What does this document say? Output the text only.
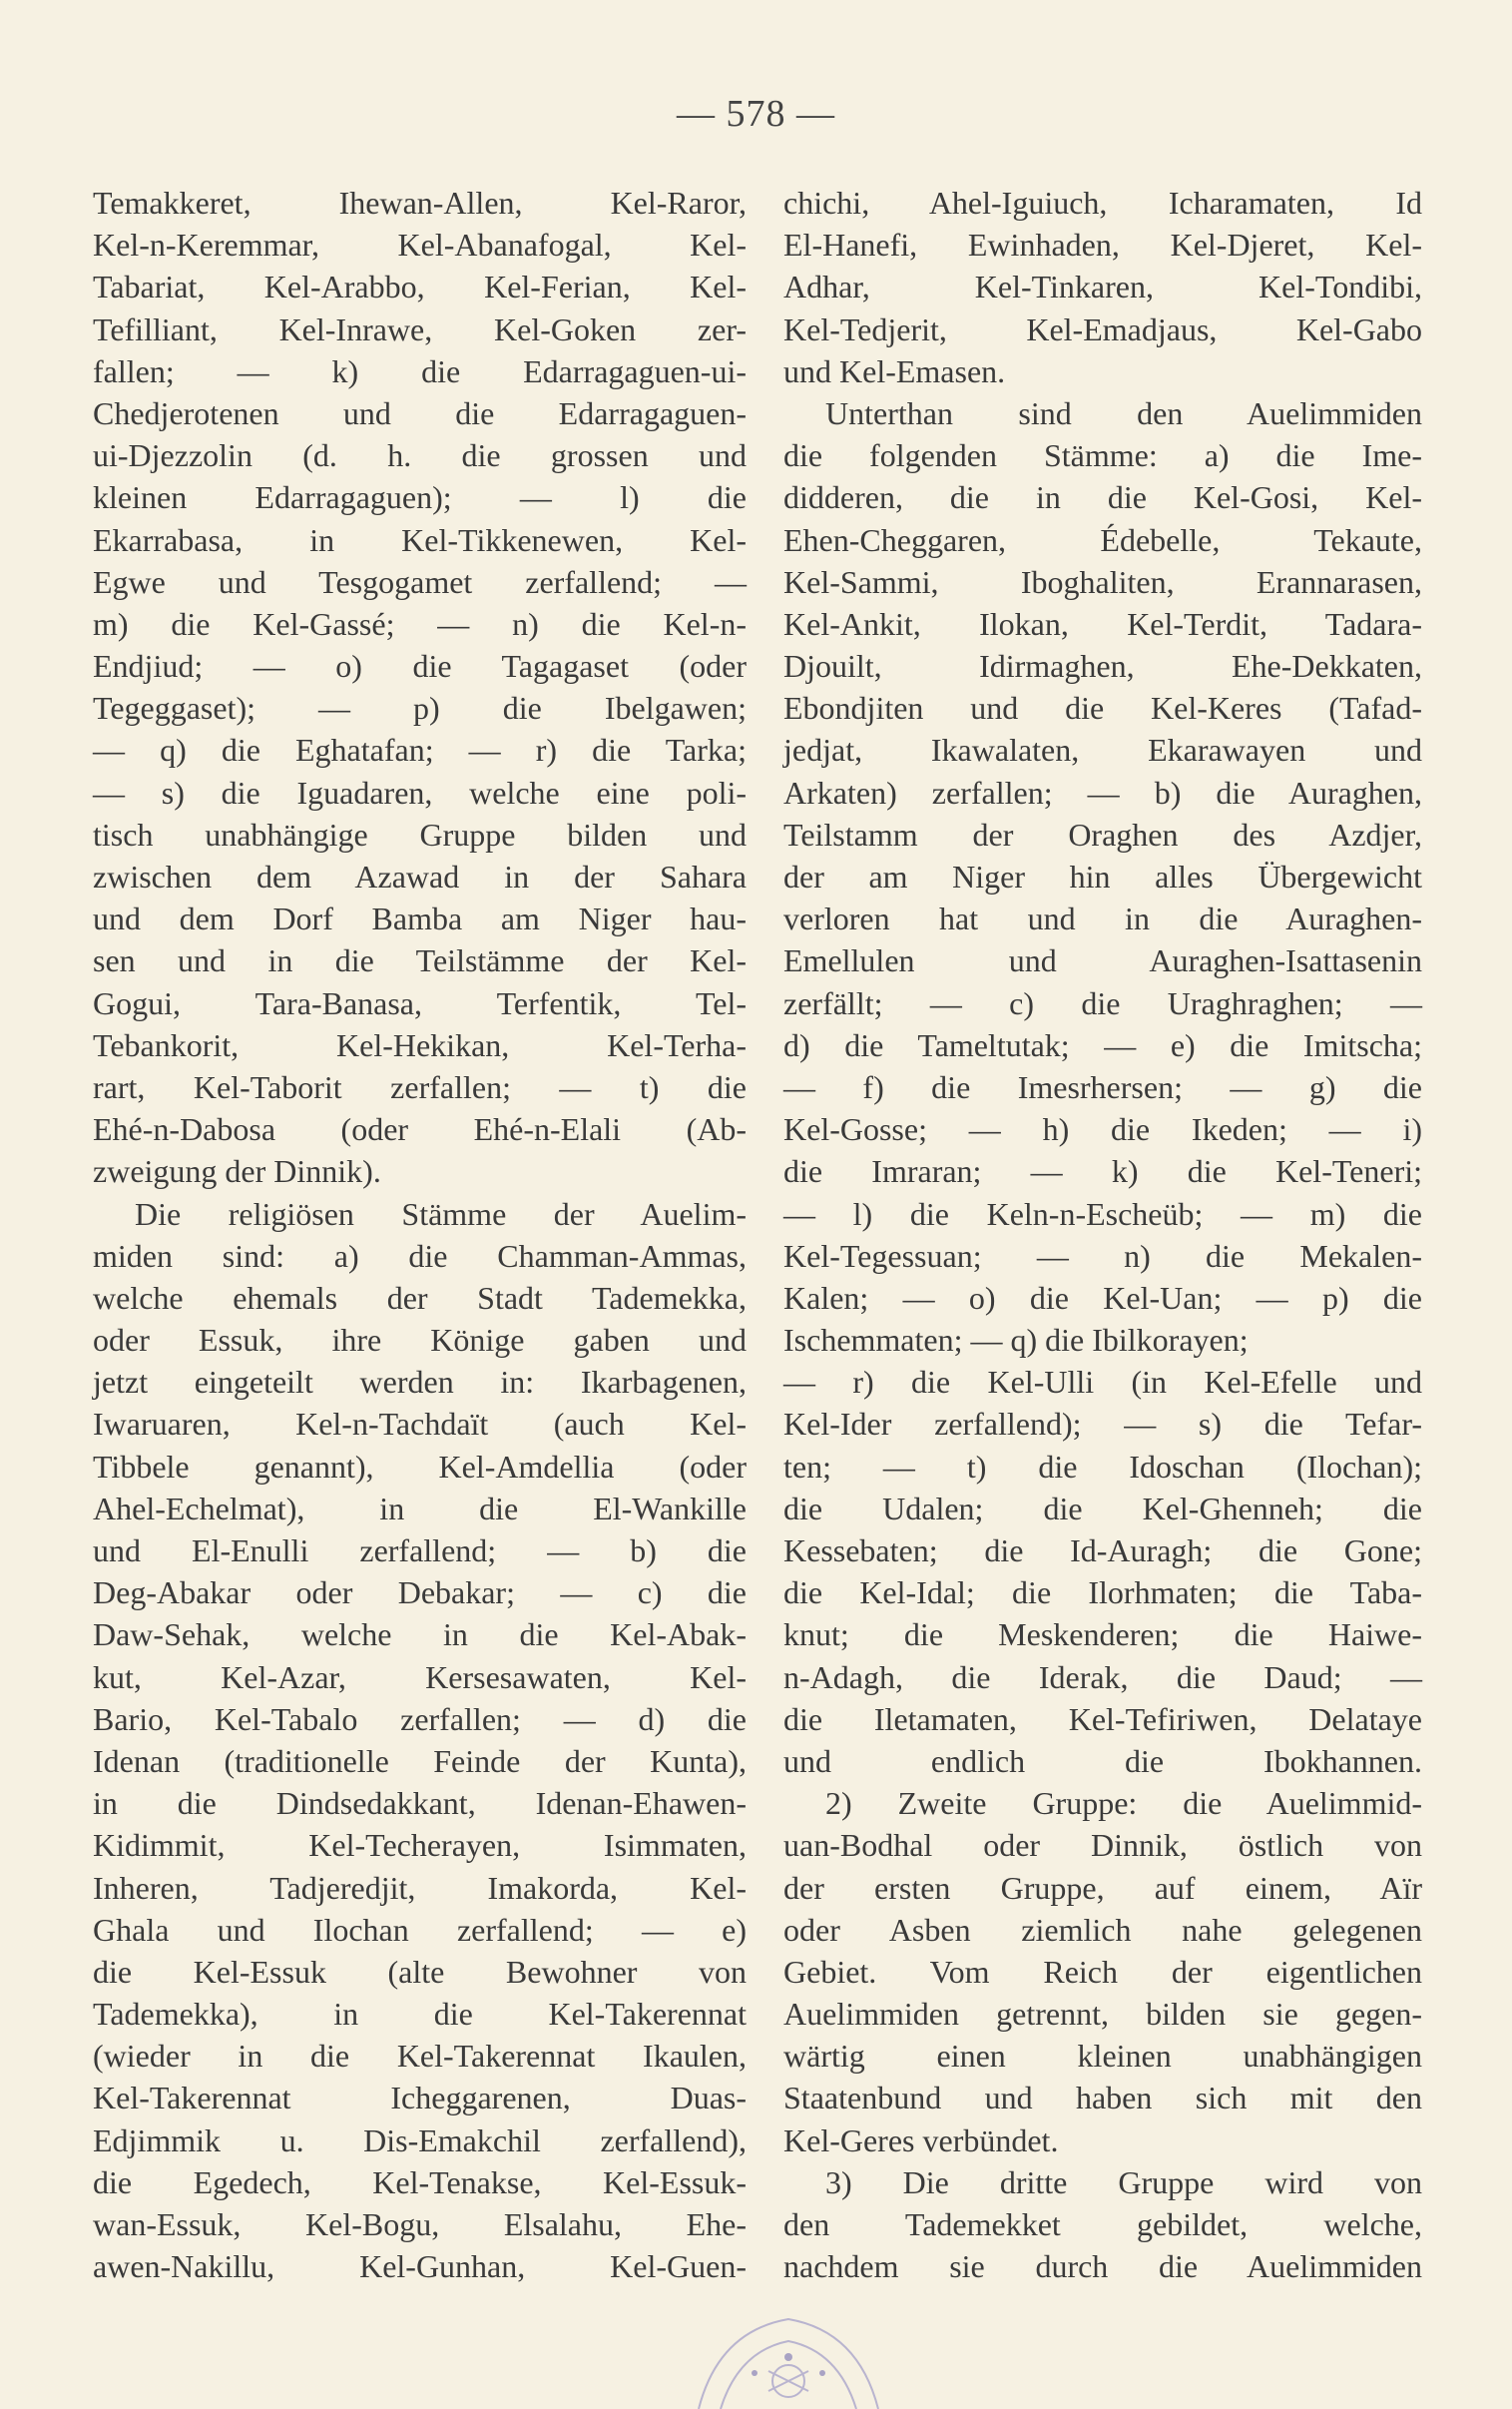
— 578 —
Temakkeret, Ihewan-Allen, Kel-Raror,
Kel-n-Keremmar, Kel-Abanafogal, Kel-
Tabariat, Kel-Arabbo, Kel-Ferian, Kel-
Tefilliant, Kel-Inrawe, Kel-Goken zer-
fallen; — k) die Edarragaguen-ui-
Chedjerotenen und die Edarragaguen-
ui-Djezzolin (d. h. die grossen und
kleinen Edarragaguen); — l) die
Ekarrabasa, in Kel-Tikkenewen, Kel-
Egwe und Tesgogamet zerfallend; —
m) die Kel-Gassé; — n) die Kel-n-
Endjiud; — o) die Tagagaset (oder
Tegeggaset); — p) die Ibelgawen;
— q) die Eghatafan; — r) die Tarka;
— s) die Iguadaren, welche eine poli-
tisch unabhängige Gruppe bilden und
zwischen dem Azawad in der Sahara
und dem Dorf Bamba am Niger hau-
sen und in die Teilstämme der Kel-
Gogui, Tara-Banasa, Terfentik, Tel-
Tebankorit, Kel-Hekikan, Kel-Terha-
rart, Kel-Taborit zerfallen; — t) die
Ehé-n-Dabosa (oder Ehé-n-Elali (Ab-
zweigung der Dinnik).
Die religiösen Stämme der Auelim-
miden sind: a) die Chamman-Ammas,
welche ehemals der Stadt Tademekka,
oder Essuk, ihre Könige gaben und
jetzt eingeteilt werden in: Ikarbagenen,
Iwaruaren, Kel-n-Tachdaït (auch Kel-
Tibbele genannt), Kel-Amdellia (oder
Ahel-Echelmat), in die El-Wankille
und El-Enulli zerfallend; — b) die
Deg-Abakar oder Debakar; — c) die
Daw-Sehak, welche in die Kel-Abak-
kut, Kel-Azar, Kersesawaten, Kel-
Bario, Kel-Tabalo zerfallen; — d) die
Idenan (traditionelle Feinde der Kunta),
in die Dindsedakkant, Idenan-Ehawen-
Kidimmit, Kel-Techerayen, Isimmaten,
Inheren, Tadjeredjit, Imakorda, Kel-
Ghala und Ilochan zerfallend; — e)
die Kel-Essuk (alte Bewohner von
Tademekka), in die Kel-Takerennat
(wieder in die Kel-Takerennat Ikaulen,
Kel-Takerennat Icheggarenen, Duas-
Edjimmik u. Dis-Emakchil zerfallend),
die Egedech, Kel-Tenakse, Kel-Essuk-
wan-Essuk, Kel-Bogu, Elsalahu, Ehe-
awen-Nakillu, Kel-Gunhan, Kel-Guen-
chichi, Ahel-Iguiuch, Icharamaten, Id
El-Hanefi, Ewinhaden, Kel-Djeret, Kel-
Adhar, Kel-Tinkaren, Kel-Tondibi,
Kel-Tedjerit, Kel-Emadjaus, Kel-Gabo
und Kel-Emasen.
Unterthan sind den Auelimmiden
die folgenden Stämme: a) die Ime-
didderen, die in die Kel-Gosi, Kel-
Ehen-Cheggaren, Édebelle, Tekaute,
Kel-Sammi, Iboghaliten, Erannarasen,
Kel-Ankit, Ilokan, Kel-Terdit, Tadara-
Djouilt, Idirmaghen, Ehe-Dekkaten,
Ebondjiten und die Kel-Keres (Tafad-
jedjat, Ikawalaten, Ekarawayen und
Arkaten) zerfallen; — b) die Auraghen,
Teilstamm der Oraghen des Azdjer,
der am Niger hin alles Übergewicht
verloren hat und in die Auraghen-
Emellulen und Auraghen-Isattasenin
zerfällt; — c) die Uraghraghen; —
d) die Tameltutak; — e) die Imitscha;
— f) die Imesrhersen; — g) die
Kel-Gosse; — h) die Ikeden; — i)
die Imraran; — k) die Kel-Teneri;
— l) die Keln-n-Escheüb; — m) die
Kel-Tegessuan; — n) die Mekalen-
Kalen; — o) die Kel-Uan; — p) die
Ischemmaten; — q) die Ibilkorayen;
— r) die Kel-Ulli (in Kel-Efelle und
Kel-Ider zerfallend); — s) die Tefar-
ten; — t) die Idoschan (Ilochan);
die Udalen; die Kel-Ghenneh; die
Kessebaten; die Id-Auragh; die Gone;
die Kel-Idal; die Ilorhmaten; die Taba-
knut; die Meskenderen; die Haiwe-
n-Adagh, die Iderak, die Daud; —
die Iletamaten, Kel-Tefiriwen, Delataye
und endlich die Ibokhannen.
2) Zweite Gruppe: die Auelimmid-
uan-Bodhal oder Dinnik, östlich von
der ersten Gruppe, auf einem, Aïr
oder Asben ziemlich nahe gelegenen
Gebiet. Vom Reich der eigentlichen
Auelimmiden getrennt, bilden sie gegen-
wärtig einen kleinen unabhängigen
Staatenbund und haben sich mit den
Kel-Geres verbündet.
3) Die dritte Gruppe wird von
den Tademekket gebildet, welche,
nachdem sie durch die Auelimmiden
